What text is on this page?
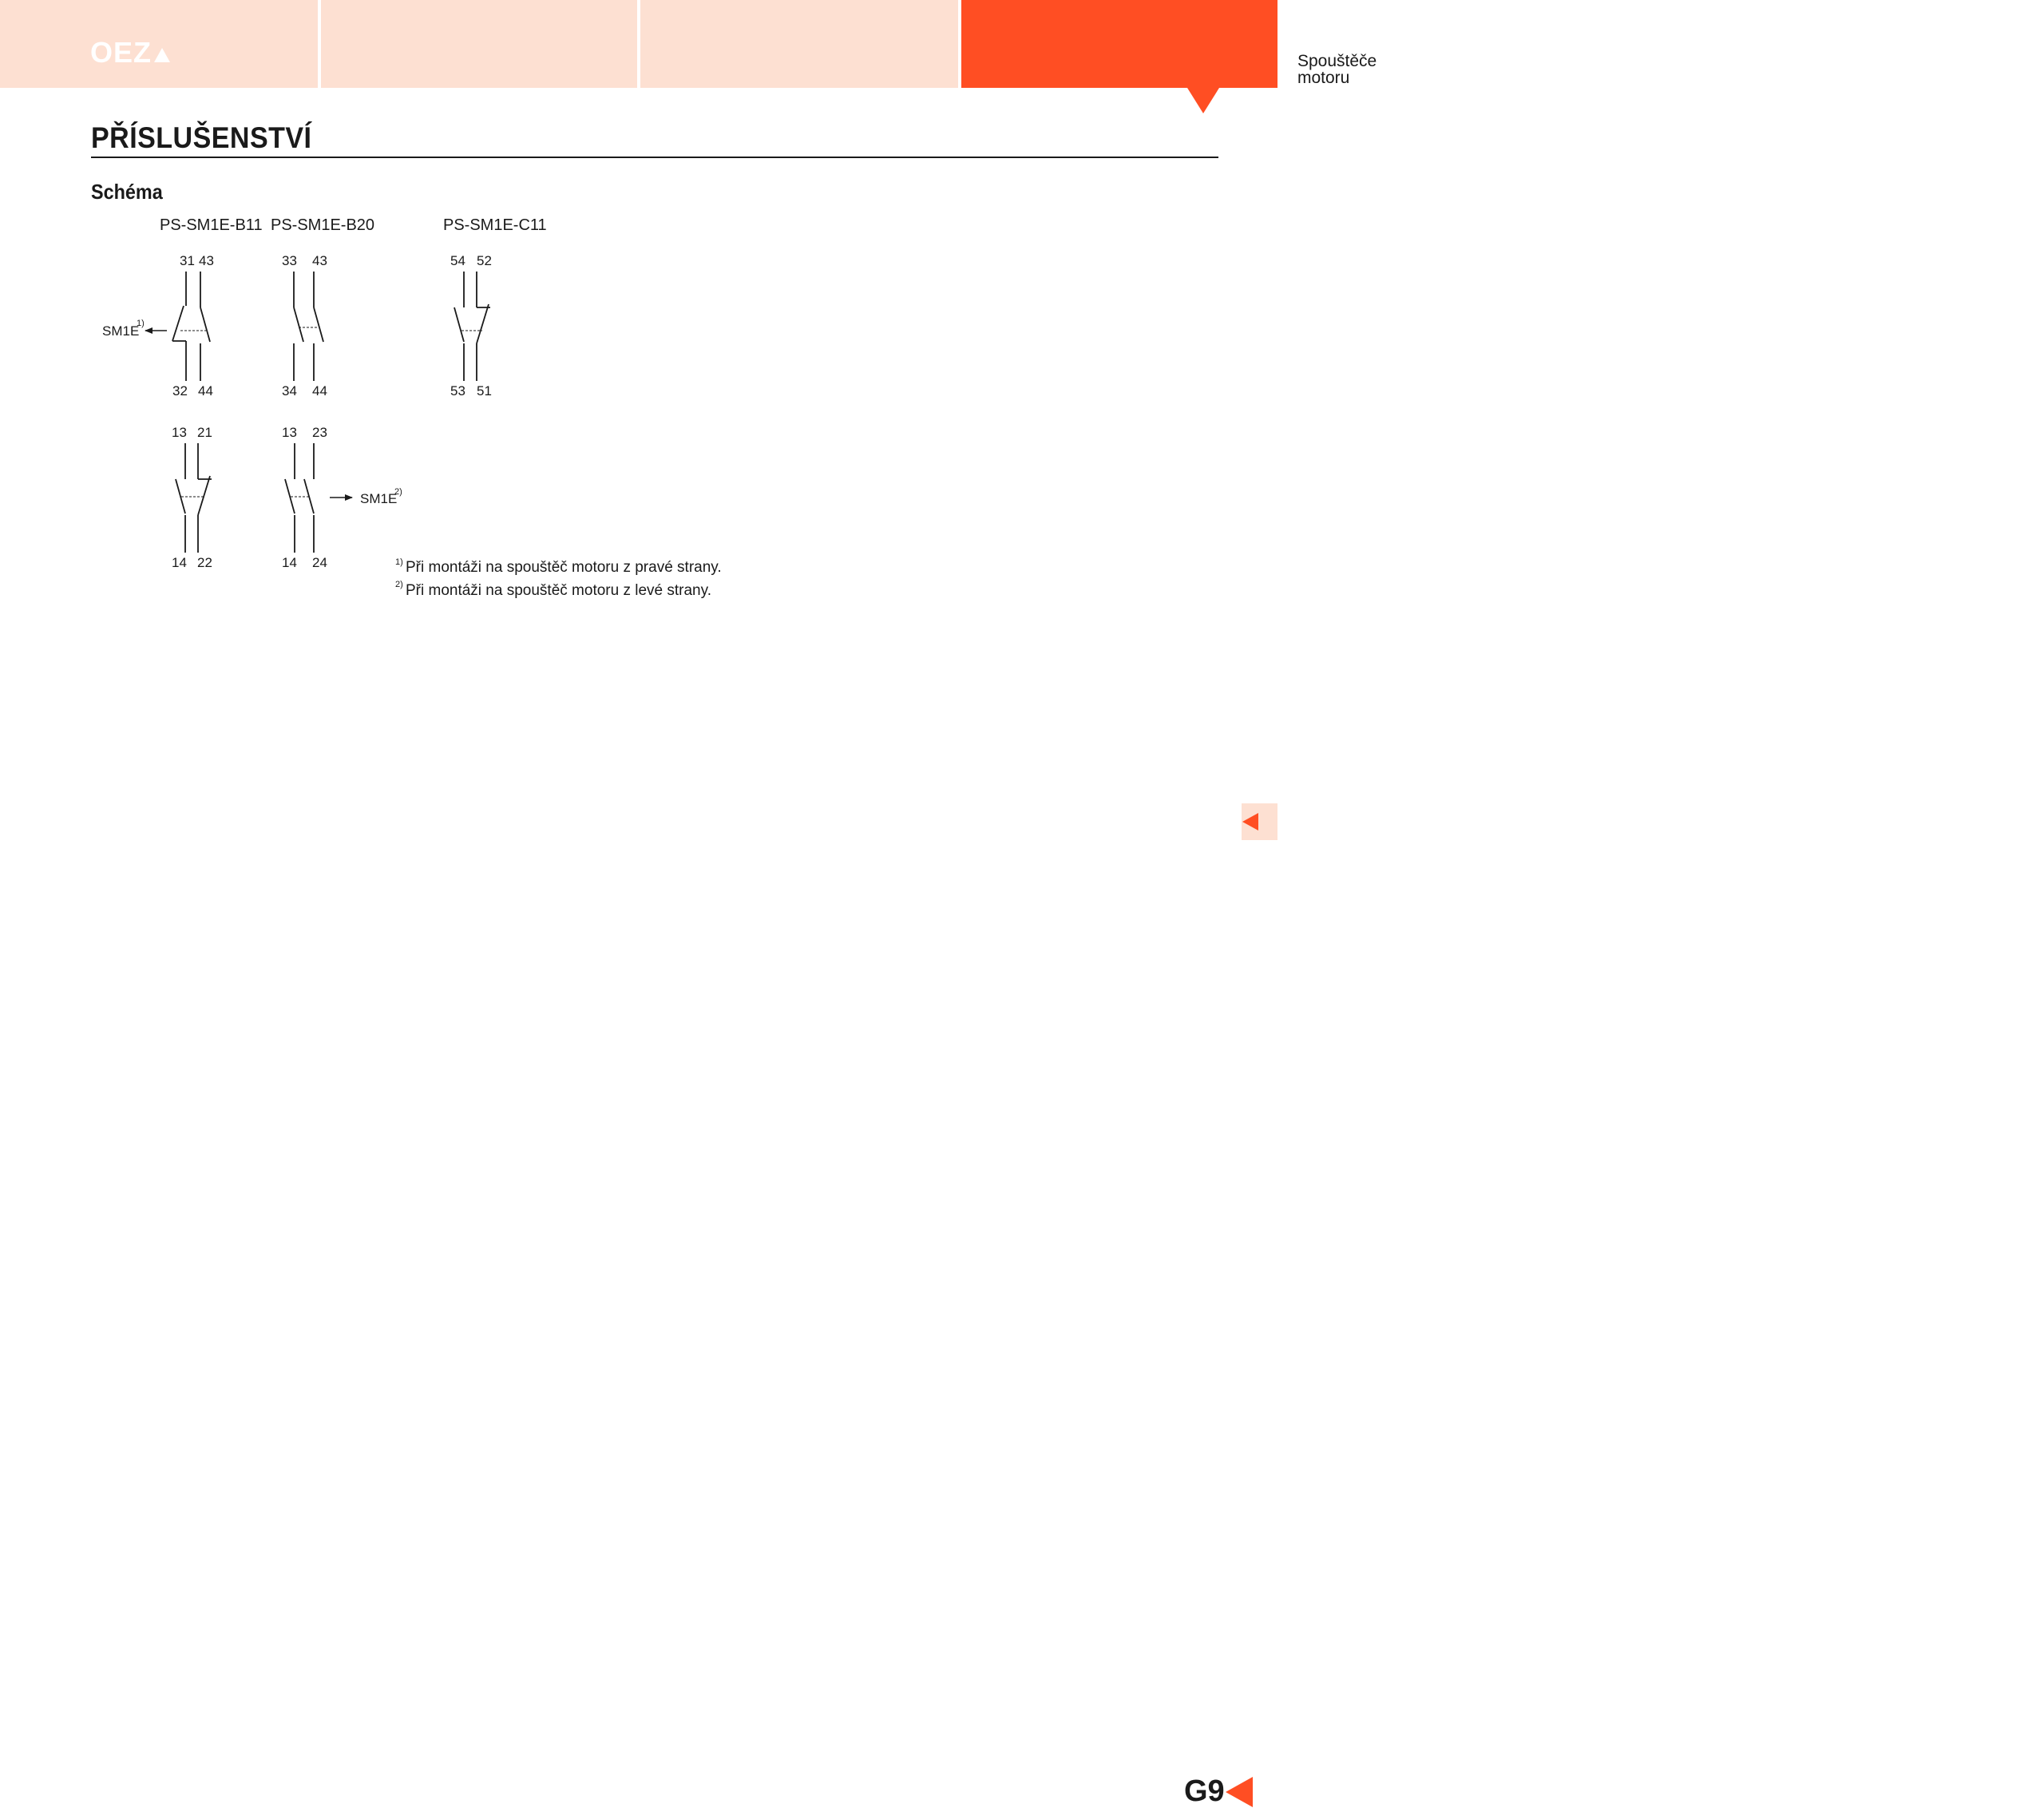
OEZ	Spouštěče motoru
Minia
PŘÍSLUŠENSTVÍ
Schéma
PS-SM1E-B11 PS-SM1E-B20	PS-SM1E-C11
31 43
32 44
SM1E
1)
33 43
34 44
54 52
53 51
13 21
14 22
13 23
14 24
SM1E
2)
1) Při montáži na spouštěč motoru z pravé strany.
2) Při montáži na spouštěč motoru z levé strany.
G9
